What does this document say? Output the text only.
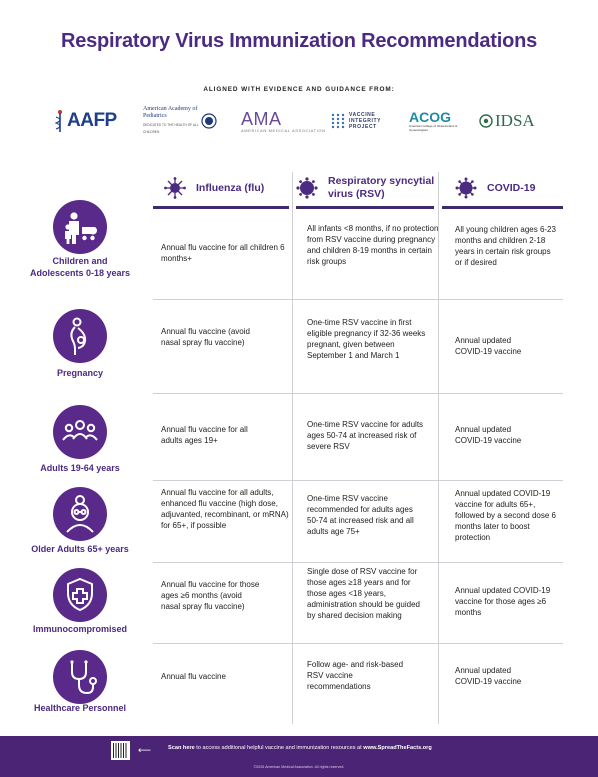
Respiratory Virus Immunization Recommendations
ALIGNED WITH EVIDENCE AND GUIDANCE FROM:
AAFP
American Academy of Pediatrics
DEDICATED TO THE HEALTH OF ALL CHILDREN
AMA
AMERICAN MEDICAL ASSOCIATION
VACCINE INTEGRITY PROJECT
ACOG
American College of Obstetricians & Gynecologists	IDSA
Influenza (flu)
Respiratory syncytial virus (RSV)
COVID-19
Children and Adolescents 0-18 years
Annual flu vaccine for all children 6 months+
All infants <8 months, if no protection from RSV vaccine during pregnancy and children 8-19 months in certain risk groups
All young children ages 6-23 months and children 2-18 years in certain risk groups or if desired
Pregnancy
Annual flu vaccine (avoid nasal spray flu vaccine)
One-time RSV vaccine in first eligible pregnancy if 32-36 weeks pregnant, given between September 1 and March 1
Annual updated COVID-19 vaccine
Adults 19-64 years
Annual flu vaccine for all adults ages 19+
One-time RSV vaccine for adults ages 50-74 at increased risk of severe RSV
Annual updated COVID-19 vaccine
Older Adults 65+ years
Annual flu vaccine for all adults, enhanced flu vaccine (high dose, adjuvanted, recombinant, or mRNA) for 65+, if possible
One-time RSV vaccine recommended for adults ages 50-74 at increased risk and all adults age 75+
Annual updated COVID-19 vaccine for adults 65+, followed by a second dose 6 months later to boost protection
Immunocompromised
Annual flu vaccine for those ages ≥6 months (avoid nasal spray flu vaccine)
Single dose of RSV vaccine for those ages ≥18 years and for those ages <18 years, administration should be guided by shared decision making
Annual updated COVID-19 vaccine for those ages ≥6 months
Healthcare Personnel
Annual flu vaccine
Follow age- and risk-based RSV vaccine recommendations
Annual updated COVID-19 vaccine
⟵	Scan here to access additional helpful vaccine and immunization resources at www.SpreadTheFacts.org
©2026 American Medical Association. All rights reserved.
